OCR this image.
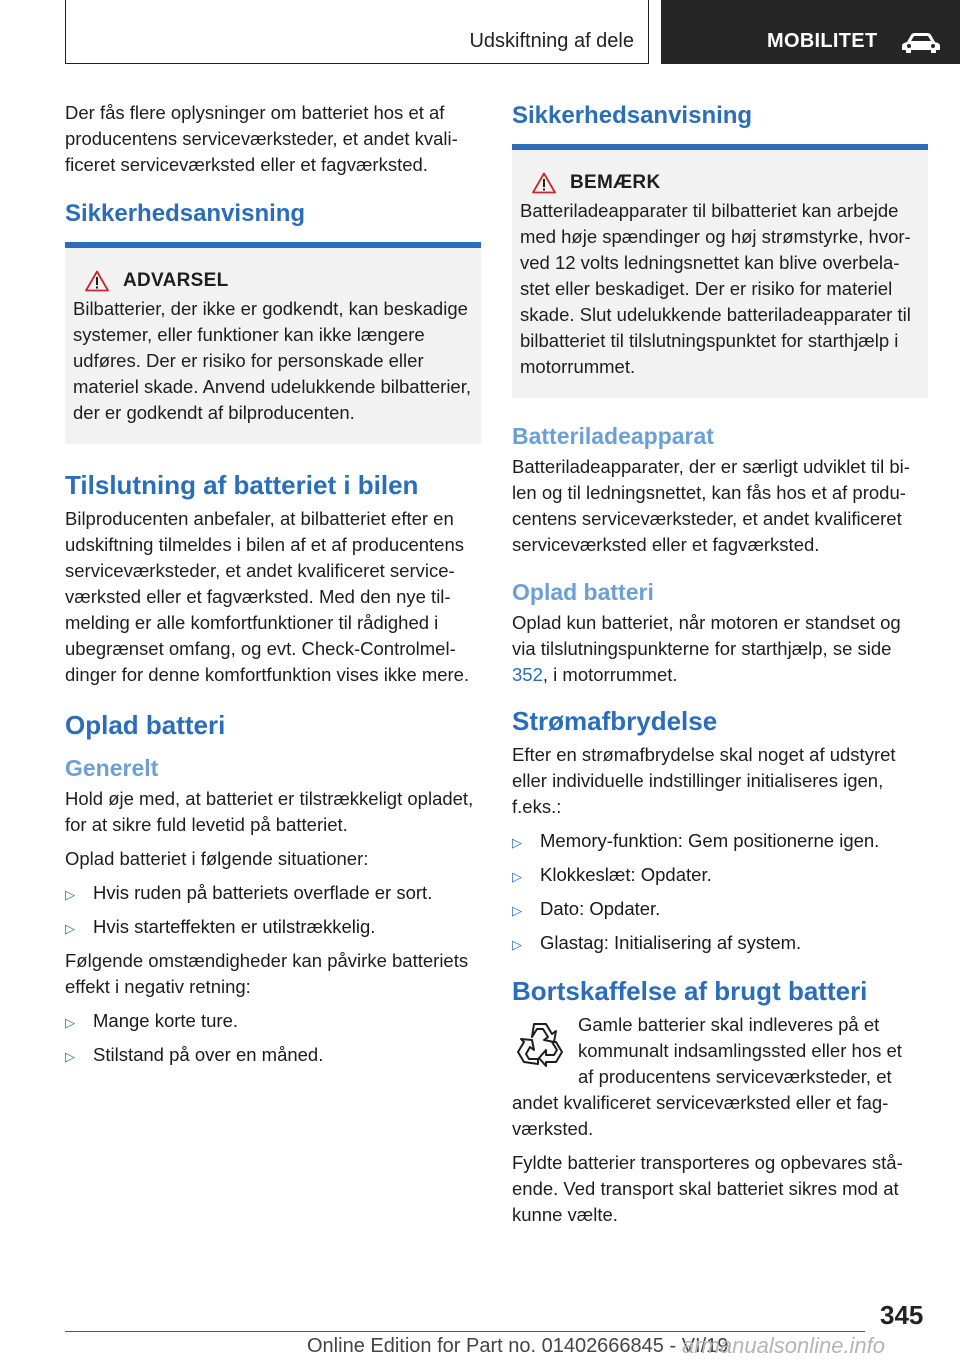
Udskiftning af dele	MOBILITET

Der fås flere oplysninger om batteriet hos et af producentens serviceværksteder, et andet kvalificeret serviceværksted eller et fagværksted.

Sikkerhedsanvisning
ADVARSEL

Bilbatterier, der ikke er godkendt, kan beskadige systemer, eller funktioner kan ikke længere udføres. Der er risiko for personskade eller materiel skade. Anvend udelukkende bilbatterier, der er godkendt af bilproducenten.

Tilslutning af batteriet i bilen

Bilproducenten anbefaler, at bilbatteriet efter en udskiftning tilmeldes i bilen af et af producentens serviceværksteder, et andet kvalificeret serviceværksted eller et fagværksted. Med den nye tilmelding er alle komfortfunktioner til rådighed i ubegrænset omfang, og evt. Check-Controlmeldinger for denne komfortfunktion vises ikke mere.

Oplad batteri
Generelt

Hold øje med, at batteriet er tilstrækkeligt opladet, for at sikre fuld levetid på batteriet.

Oplad batteriet i følgende situationer:

▷ Hvis ruden på batteriets overflade er sort.
▷ Hvis starteffekten er utilstrækkelig.

Følgende omstændigheder kan påvirke batteriets effekt i negativ retning:

▷ Mange korte ture.
▷ Stilstand på over en måned.
Sikkerhedsanvisning
BEMÆRK

Batteriladeapparater til bilbatteriet kan arbejde med høje spændinger og høj strømstyrke, hvorved 12 volts ledningsnettet kan blive overbelastet eller beskadiget. Der er risiko for materiel skade. Slut udelukkende batteriladeapparater til bilbatteriet til tilslutningspunktet for starthjælp i motorrummet.

Batteriladeapparat

Batteriladeapparater, der er særligt udviklet til bilen og til ledningsnettet, kan fås hos et af producentens serviceværksteder, et andet kvalificeret serviceværksted eller et fagværksted.

Oplad batteri

Oplad kun batteriet, når motoren er standset og via tilslutningspunkterne for starthjælp, se side 352, i motorrummet.

Strømafbrydelse

Efter en strømafbrydelse skal noget af udstyret eller individuelle indstillinger initialiseres igen, f.eks.:

▷ Memory-funktion: Gem positionerne igen.
▷ Klokkeslæt: Opdater.
▷ Dato: Opdater.
▷ Glastag: Initialisering af system.
Bortskaffelse af brugt batteri

Gamle batterier skal indleveres på et
kommunalt indsamlingssted eller hos et
af producentens serviceværksteder, et
andet kvalificeret serviceværksted eller et fagværksted.

Fyldte batterier transporteres og opbevares stående. Ved transport skal batteriet sikres mod at kunne vælte.

345
Online Edition for Part no. 01402666845 - VI/19
armanualsonline.info
